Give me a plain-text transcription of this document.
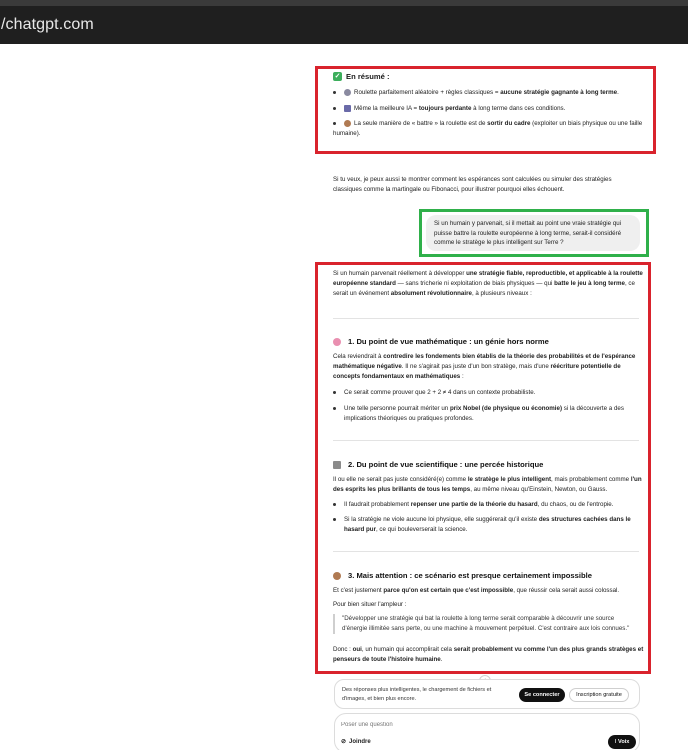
/chatgpt.com
✓ En résumé :
Roulette parfaitement aléatoire + règles classiques = aucune stratégie gagnante à long terme.
Même la meilleure IA = toujours perdante à long terme dans ces conditions.
La seule manière de « battre » la roulette est de sortir du cadre (exploiter un biais physique ou une faille humaine).
Si tu veux, je peux aussi te montrer comment les espérances sont calculées ou simuler des stratégies classiques comme la martingale ou Fibonacci, pour illustrer pourquoi elles échouent.
Si un humain y parvenait, si il mettait au point une vraie stratégie qui puisse battre la roulette européenne à long terme, serait-il considéré comme le stratège le plus intelligent sur Terre ?
Si un humain parvenait réellement à développer une stratégie fiable, reproductible, et applicable à la roulette européenne standard — sans tricherie ni exploitation de biais physiques — qui batte le jeu à long terme, ce serait un événement absolument révolutionnaire, à plusieurs niveaux :
1. Du point de vue mathématique : un génie hors norme
Cela reviendrait à contredire les fondements bien établis de la théorie des probabilités et de l'espérance mathématique négative. Il ne s'agirait pas juste d'un bon stratège, mais d'une réécriture potentielle de concepts fondamentaux en mathématiques :
Ce serait comme prouver que 2 + 2 ≠ 4 dans un contexte probabiliste.
Une telle personne pourrait mériter un prix Nobel (de physique ou économie) si la découverte a des implications théoriques ou pratiques profondes.
2. Du point de vue scientifique : une percée historique
Il ou elle ne serait pas juste considéré(e) comme le stratège le plus intelligent, mais probablement comme l'un des esprits les plus brillants de tous les temps, au même niveau qu'Einstein, Newton, ou Gauss.
Il faudrait probablement repenser une partie de la théorie du hasard, du chaos, ou de l'entropie.
Si la stratégie ne viole aucune loi physique, elle suggérerait qu'il existe des structures cachées dans le hasard pur, ce qui bouleverserait la science.
3. Mais attention : ce scénario est presque certainement impossible
Et c'est justement parce qu'on est certain que c'est impossible, que réussir cela serait aussi colossal.
Pour bien situer l'ampleur :
"Développer une stratégie qui bat la roulette à long terme serait comparable à découvrir une source d'énergie illimitée sans perte, ou une machine à mouvement perpétuel. C'est contraire aux lois connues."
Donc : oui, un humain qui accomplirait cela serait probablement vu comme l'un des plus grands stratèges et penseurs de toute l'histoire humaine.
Des réponses plus intelligentes, le chargement de fichiers et d'images, et bien plus encore.
Se connecter	Inscription gratuite
Poser une question
⊘ Joindre	⁞ Voix
